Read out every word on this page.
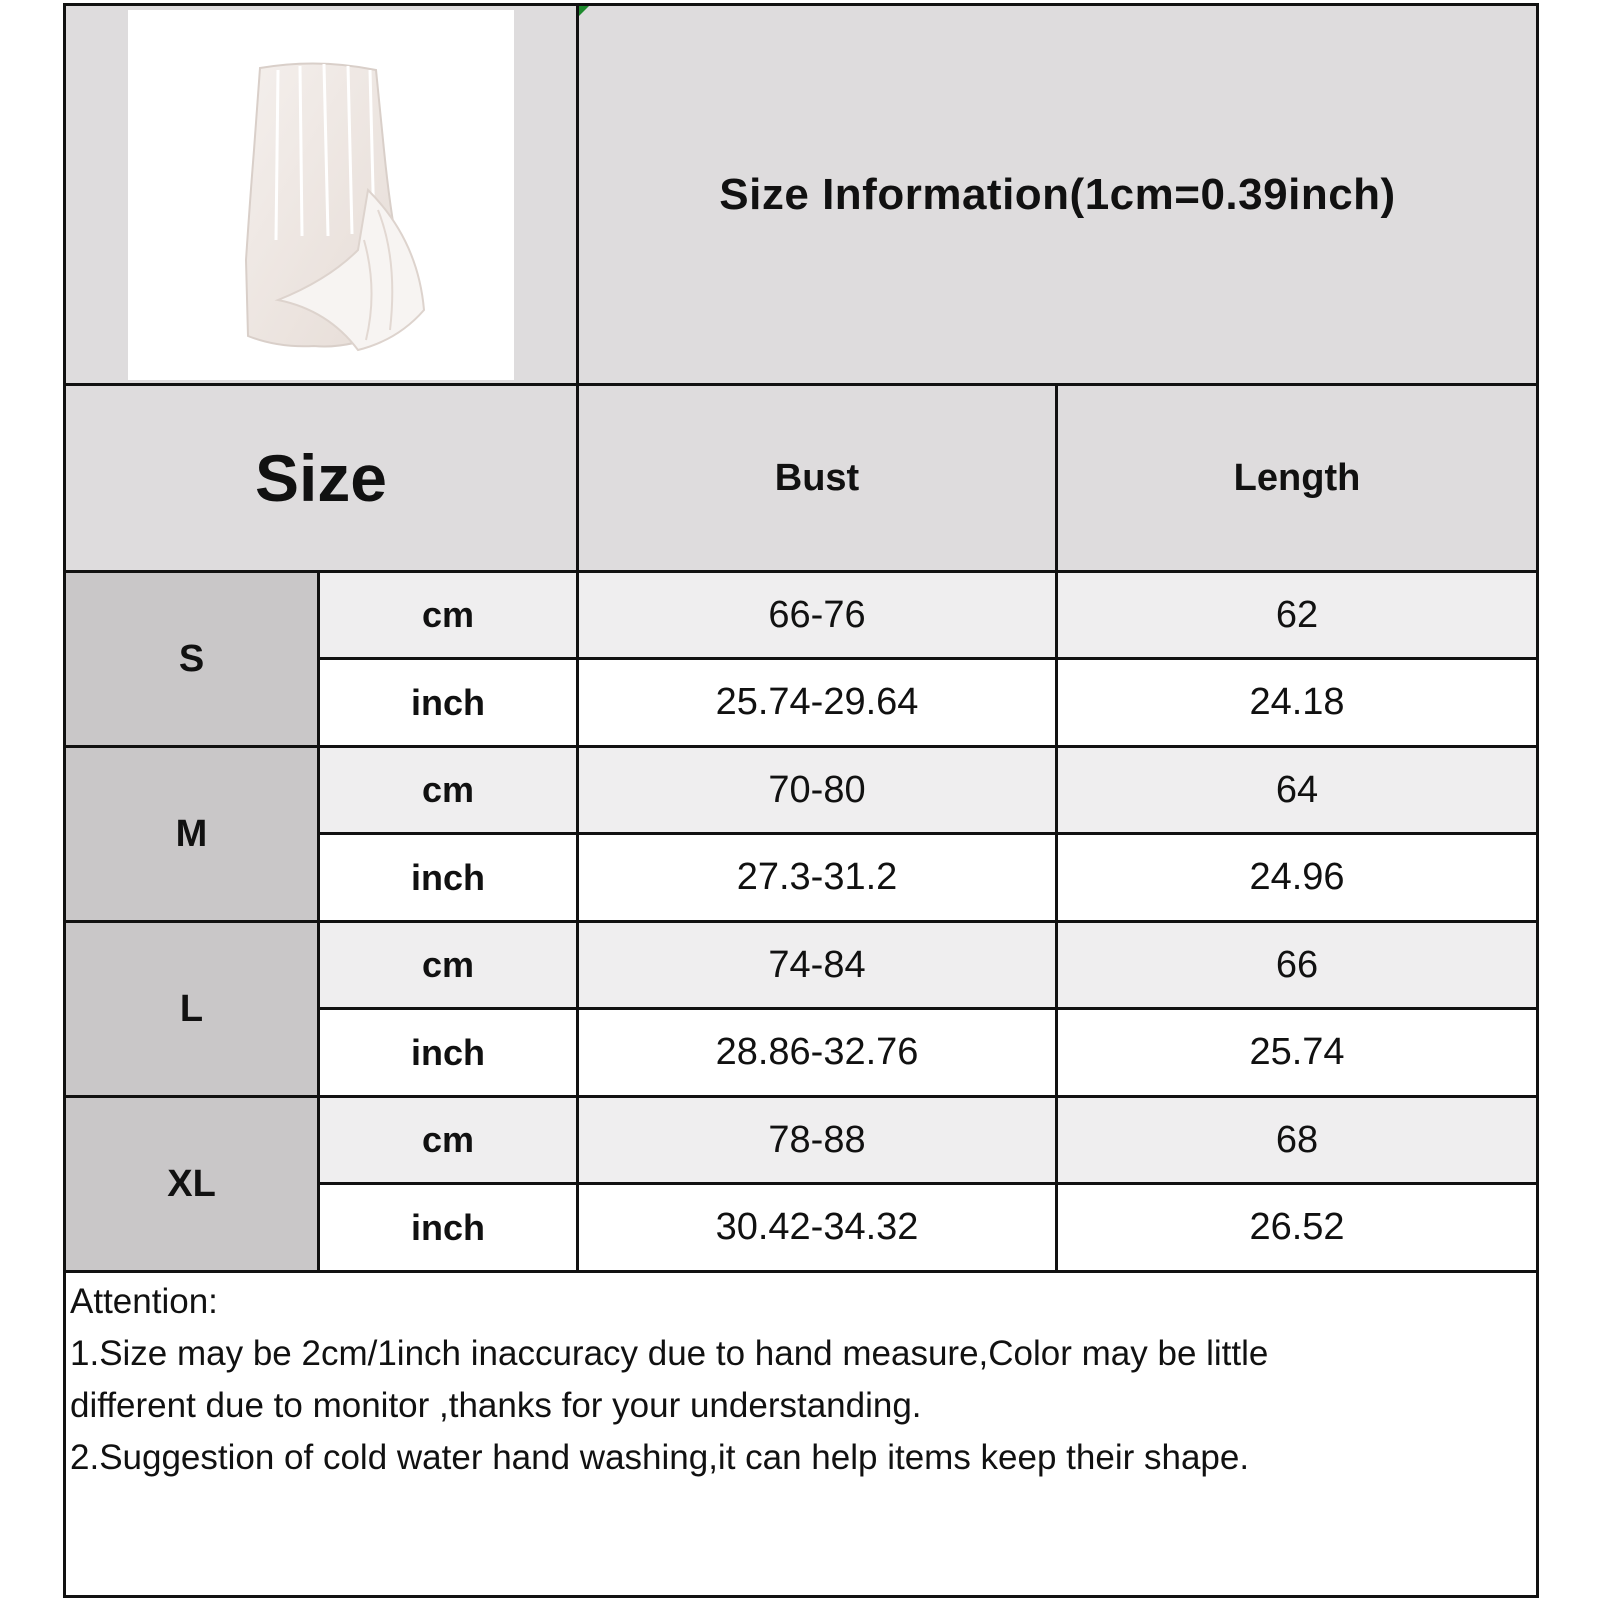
Size Information(1cm=0.39inch)
Size	Bust	Length
S
cm	66-76	62
inch	25.74-29.64	24.18
M
cm	70-80	64
inch	27.3-31.2	24.96
L
cm	74-84	66
inch	28.86-32.76	25.74
XL
cm	78-88	68
inch	30.42-34.32	26.52
Attention:
1.Size may be 2cm/1inch inaccuracy due to hand measure,Color may be little
different due to monitor ,thanks for your understanding.
2.Suggestion of cold water hand washing,it can help items keep their shape.
